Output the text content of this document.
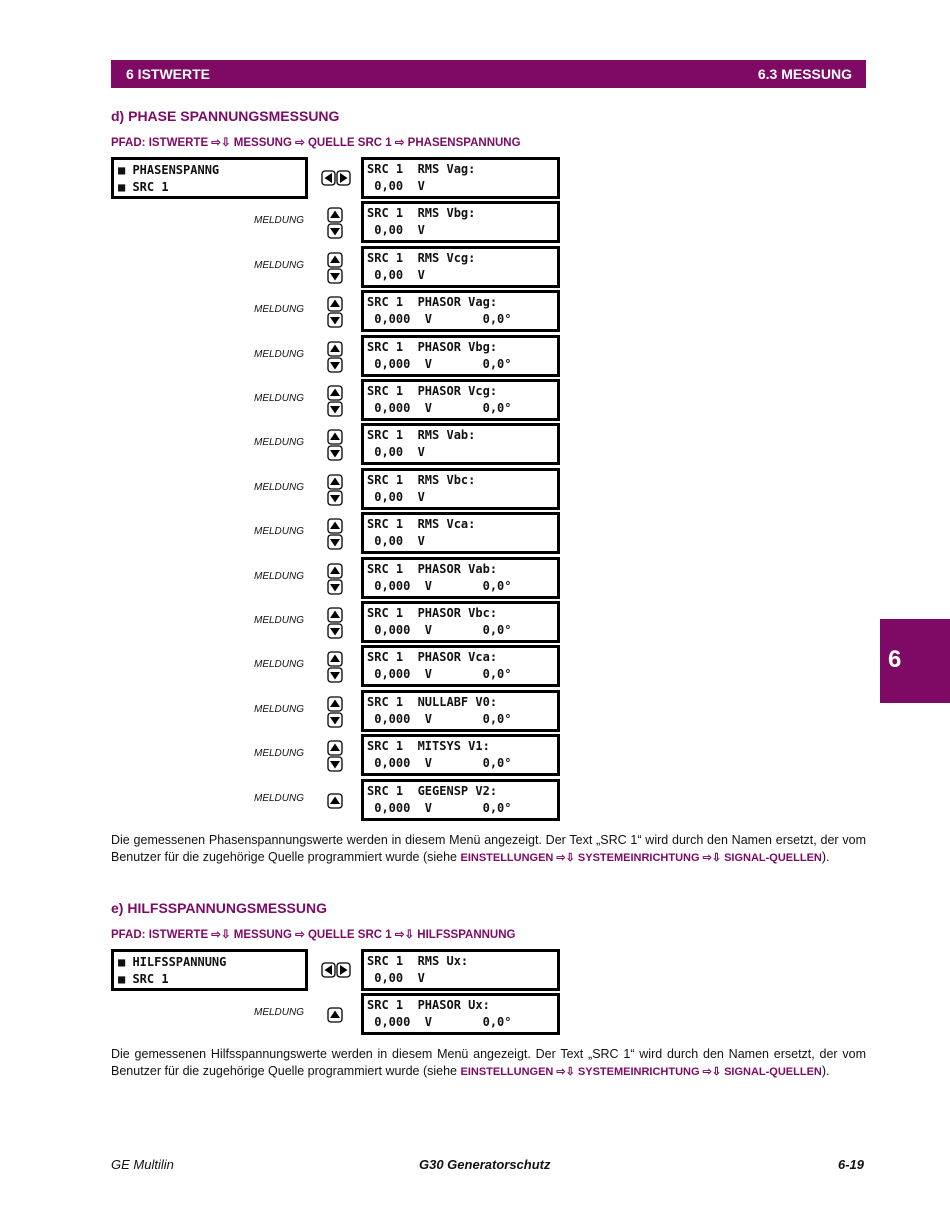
6 ISTWERTE	6.3 MESSUNG
6
d) PHASE SPANNUNGSMESSUNG
PFAD: ISTWERTE ⇨⇩ MESSUNG ⇨ QUELLE SRC 1 ⇨ PHASENSPANNUNG
■ PHASENSPANNG
■ SRC 1
SRC 1  RMS Vag:
0,00  V
SRC 1  RMS Vbg:
0,00  V
MELDUNG
SRC 1  RMS Vcg:
0,00  V
MELDUNG
SRC 1  PHASOR Vag:
0,000  V       0,0°
MELDUNG
SRC 1  PHASOR Vbg:
0,000  V       0,0°
MELDUNG
SRC 1  PHASOR Vcg:
0,000  V       0,0°
MELDUNG
SRC 1  RMS Vab:
0,00  V
MELDUNG
SRC 1  RMS Vbc:
0,00  V
MELDUNG
SRC 1  RMS Vca:
0,00  V
MELDUNG
SRC 1  PHASOR Vab:
0,000  V       0,0°
MELDUNG
SRC 1  PHASOR Vbc:
0,000  V       0,0°
MELDUNG
SRC 1  PHASOR Vca:
0,000  V       0,0°
MELDUNG
SRC 1  NULLABF V0:
0,000  V       0,0°
MELDUNG
SRC 1  MITSYS V1:
0,000  V       0,0°
MELDUNG
SRC 1  GEGENSP V2:
0,000  V       0,0°
MELDUNG
Die gemessenen Phasenspannungswerte werden in diesem Menü angezeigt. Der Text „SRC 1“ wird durch den Namen ersetzt, der vom Benutzer für die zugehörige Quelle programmiert wurde (siehe EINSTELLUNGEN ⇨⇩ SYSTEMEINRICHTUNG ⇨⇩ SIGNAL-QUELLEN).
e) HILFSSPANNUNGSMESSUNG
PFAD: ISTWERTE ⇨⇩ MESSUNG ⇨ QUELLE SRC 1 ⇨⇩ HILFSSPANNUNG
■ HILFSSPANNUNG
■ SRC 1
SRC 1  RMS Ux:
0,00  V
SRC 1  PHASOR Ux:
0,000  V       0,0°
MELDUNG
Die gemessenen Hilfsspannungswerte werden in diesem Menü angezeigt. Der Text „SRC 1“ wird durch den Namen ersetzt, der vom Benutzer für die zugehörige Quelle programmiert wurde (siehe EINSTELLUNGEN ⇨⇩ SYSTEMEINRICHTUNG ⇨⇩ SIGNAL-QUELLEN).
GE Multilin	G30 Generatorschutz	6-19
